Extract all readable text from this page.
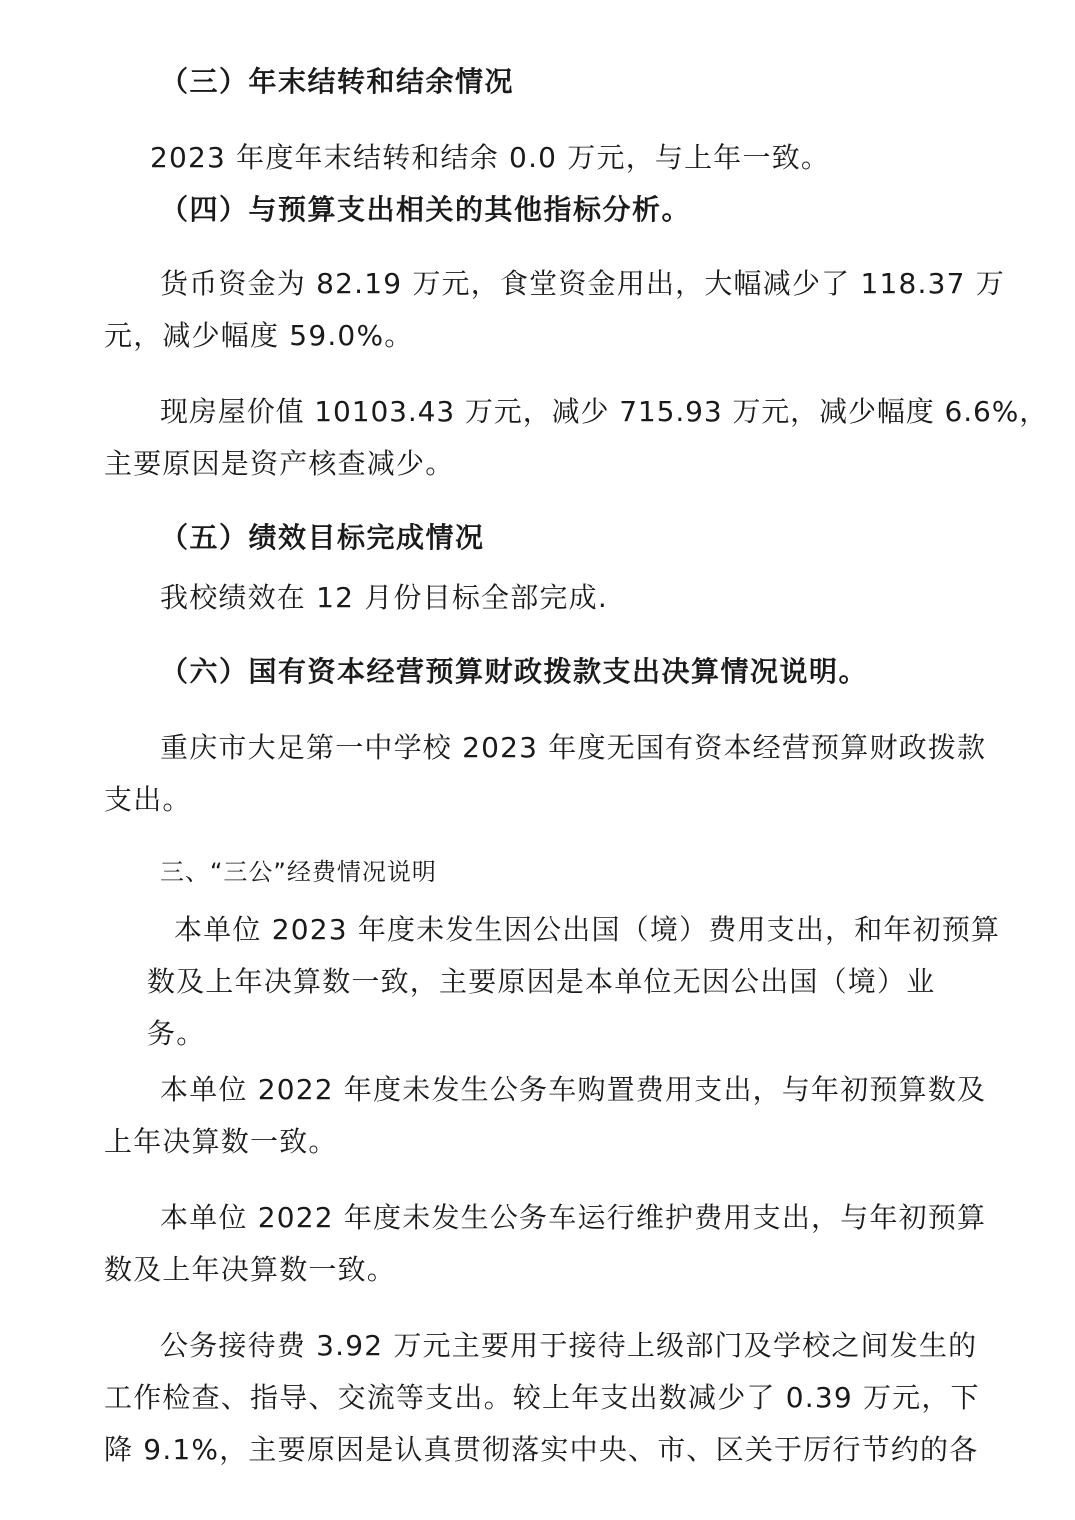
（三）年末结转和结余情况
2023 年度年末结转和结余 0.0 万元，与上年一致。
（四）与预算支出相关的其他指标分析。
货币资金为 82.19 万元，食堂资金用出，大幅减少了 118.37 万
元，减少幅度 59.0%。
现房屋价值 10103.43 万元，减少 715.93 万元，减少幅度 6.6%，
主要原因是资产核查减少。
（五）绩效目标完成情况
我校绩效在 12 月份目标全部完成.
（六）国有资本经营预算财政拨款支出决算情况说明。
重庆市大足第一中学校 2023 年度无国有资本经营预算财政拨款
支出。
三、“三公”经费情况说明
本单位 2023 年度未发生因公出国（境）费用支出，和年初预算
数及上年决算数一致，主要原因是本单位无因公出国（境）业
务。
本单位 2022 年度未发生公务车购置费用支出，与年初预算数及
上年决算数一致。
本单位 2022 年度未发生公务车运行维护费用支出，与年初预算
数及上年决算数一致。
公务接待费 3.92 万元主要用于接待上级部门及学校之间发生的
工作检查、指导、交流等支出。较上年支出数减少了 0.39 万元，下
降 9.1%，主要原因是认真贯彻落实中央、市、区关于厉行节约的各
